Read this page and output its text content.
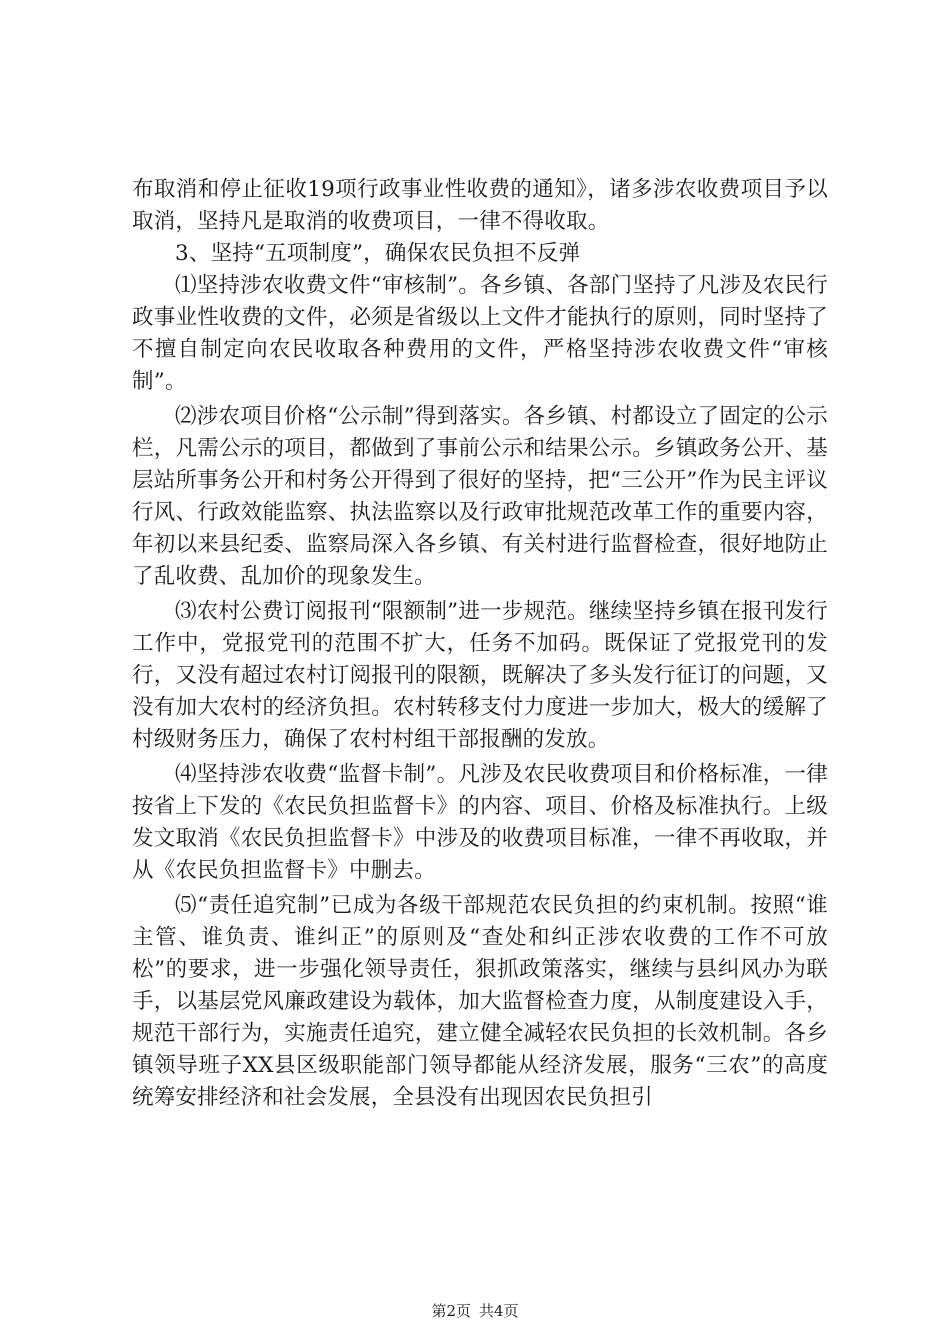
布取消和停止征收19项行政事业性收费的通知》，诸多涉农收费项目予以取消，坚持凡是取消的收费项目，一律不得收取。

3、坚持“五项制度”，确保农民负担不反弹

⑴坚持涉农收费文件“审核制”。各乡镇、各部门坚持了凡涉及农民行政事业性收费的文件，必须是省级以上文件才能执行的原则，同时坚持了不擅自制定向农民收取各种费用的文件，严格坚持涉农收费文件“审核制”。

⑵涉农项目价格“公示制”得到落实。各乡镇、村都设立了固定的公示栏，凡需公示的项目，都做到了事前公示和结果公示。乡镇政务公开、基层站所事务公开和村务公开得到了很好的坚持，把“三公开”作为民主评议行风、行政效能监察、执法监察以及行政审批规范改革工作的重要内容，年初以来县纪委、监察局深入各乡镇、有关村进行监督检查，很好地防止了乱收费、乱加价的现象发生。

⑶农村公费订阅报刊“限额制”进一步规范。继续坚持乡镇在报刊发行工作中，党报党刊的范围不扩大，任务不加码。既保证了党报党刊的发行，又没有超过农村订阅报刊的限额，既解决了多头发行征订的问题，又没有加大农村的经济负担。农村转移支付力度进一步加大，极大的缓解了村级财务压力，确保了农村村组干部报酬的发放。

⑷坚持涉农收费“监督卡制”。凡涉及农民收费项目和价格标准，一律按省上下发的《农民负担监督卡》的内容、项目、价格及标准执行。上级发文取消《农民负担监督卡》中涉及的收费项目标准，一律不再收取，并从《农民负担监督卡》中删去。

⑸“责任追究制”已成为各级干部规范农民负担的约束机制。按照“谁主管、谁负责、谁纠正”的原则及“查处和纠正涉农收费的工作不可放松”的要求，进一步强化领导责任，狠抓政策落实，继续与县纠风办为联手，以基层党风廉政建设为载体，加大监督检查力度，从制度建设入手，规范干部行为，实施责任追究，建立健全减轻农民负担的长效机制。各乡镇领导班子XX县区级职能部门领导都能从经济发展，服务“三农”的高度统筹安排经济和社会发展，全县没有出现因农民负担引

第2页 共4页
